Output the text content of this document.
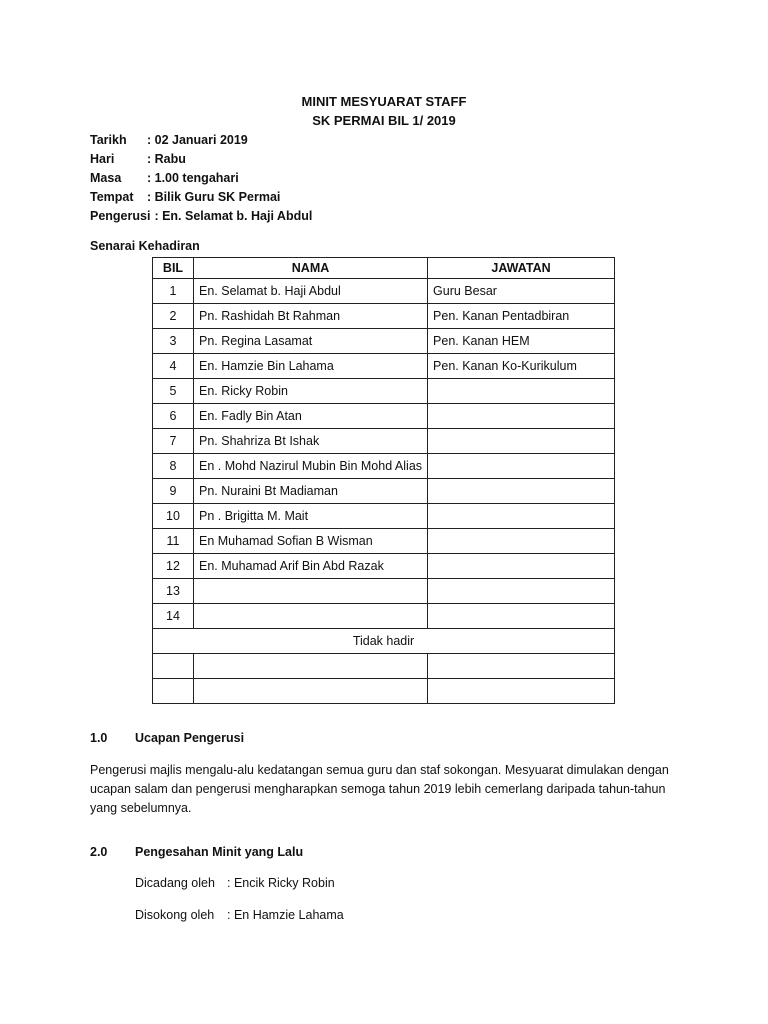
MINIT MESYUARAT STAFF
SK PERMAI BIL 1/ 2019
Tarikh	: 02 Januari 2019
Hari	: Rabu
Masa	: 1.00 tengahari
Tempat	: Bilik Guru SK Permai
Pengerusi : En. Selamat b. Haji Abdul
Senarai Kehadiran
BIL	NAMA	JAWATAN
1	En. Selamat b. Haji Abdul	Guru Besar
2	Pn. Rashidah Bt Rahman	Pen. Kanan Pentadbiran
3	Pn. Regina Lasamat	Pen. Kanan HEM
4	En. Hamzie Bin Lahama	Pen. Kanan Ko-Kurikulum
5	En. Ricky Robin	
6	En. Fadly Bin Atan	
7	Pn. Shahriza Bt Ishak	
8	En . Mohd Nazirul Mubin Bin Mohd Alias	
9	Pn. Nuraini Bt Madiaman	
10	Pn . Brigitta M. Mait	
11	En Muhamad Sofian B Wisman	
12	En. Muhamad Arif Bin Abd Razak	
13		
14		
Tidak hadir		

1.0 Ucapan Pengerusi
Pengerusi majlis mengalu-alu kedatangan semua guru dan staf sokongan. Mesyuarat dimulakan dengan ucapan salam dan pengerusi mengharapkan semoga tahun 2019 lebih cemerlang daripada tahun-tahun yang sebelumnya.
2.0 Pengesahan Minit yang Lalu
Dicadang oleh : Encik Ricky Robin
Disokong oleh	: En Hamzie Lahama
